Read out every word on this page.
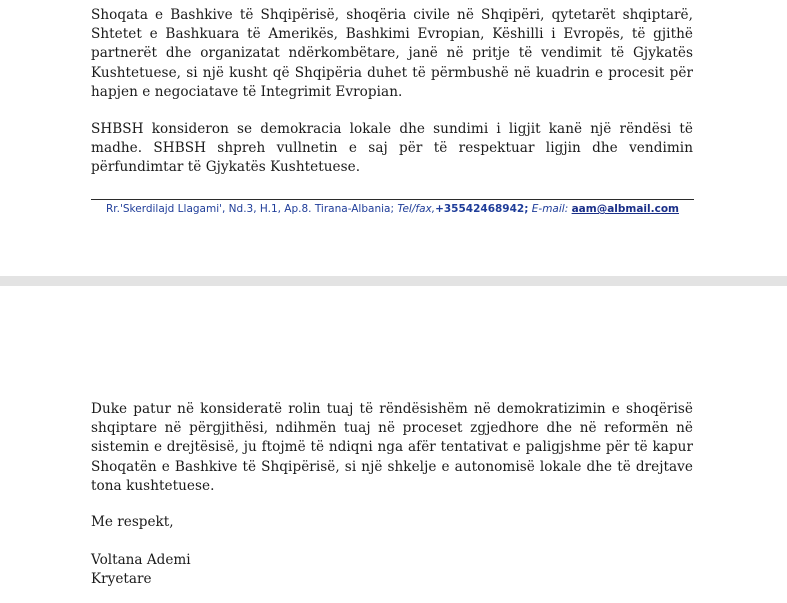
Shoqata e Bashkive të Shqipërisë, shoqëria civile në Shqipëri, qytetarët shqiptarë, Shtetet e Bashkuara të Amerikës, Bashkimi Evropian, Këshilli i Evropës, të gjithë partnerët dhe organizatat ndërkombëtare, janë në pritje të vendimit të Gjykatës Kushtetuese, si një kusht që Shqipëria duhet të përmbushë në kuadrin e procesit për hapjen e negociatave të Integrimit Evropian.

SHBSH konsideron se demokracia lokale dhe sundimi i ligjit kanë një rëndësi të madhe. SHBSH shpreh vullnetin e saj për të respektuar ligjin dhe vendimin përfundimtar të Gjykatës Kushtetuese.

Rr.'Skerdilajd Llagami', Nd.3, H.1, Ap.8. Tirana-Albania; Tel/fax,+35542468942; E-mail: aam@albmail.com

Duke patur në konsideratë rolin tuaj të rëndësishëm në demokratizimin e shoqërisë shqiptare në përgjithësi, ndihmën tuaj në proceset zgjedhore dhe në reformën në sistemin e drejtësisë, ju ftojmë të ndiqni nga afër tentativat e paligjshme për të kapur Shoqatën e Bashkive të Shqipërisë, si një shkelje e autonomisë lokale dhe të drejtave tona kushtetuese.

Me respekt,

Voltana Ademi

Kryetare
